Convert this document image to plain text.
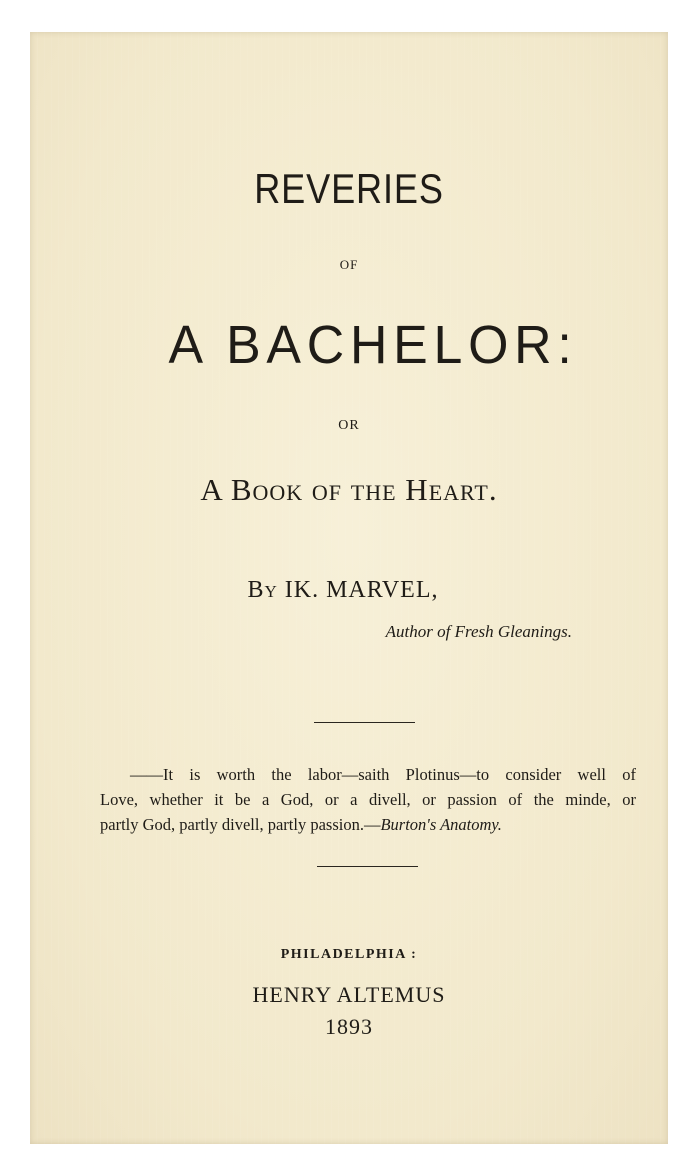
REVERIES
OF
A BACHELOR:
OR
A Book of the Heart.
By IK. MARVEL,
Author of Fresh Gleanings.
——It is worth the labor—saith Plotinus—to consider well of
Love, whether it be a God, or a divell, or passion of the minde, or
partly God, partly divell, partly passion.—Burton's Anatomy.
PHILADELPHIA :
HENRY ALTEMUS
1893
